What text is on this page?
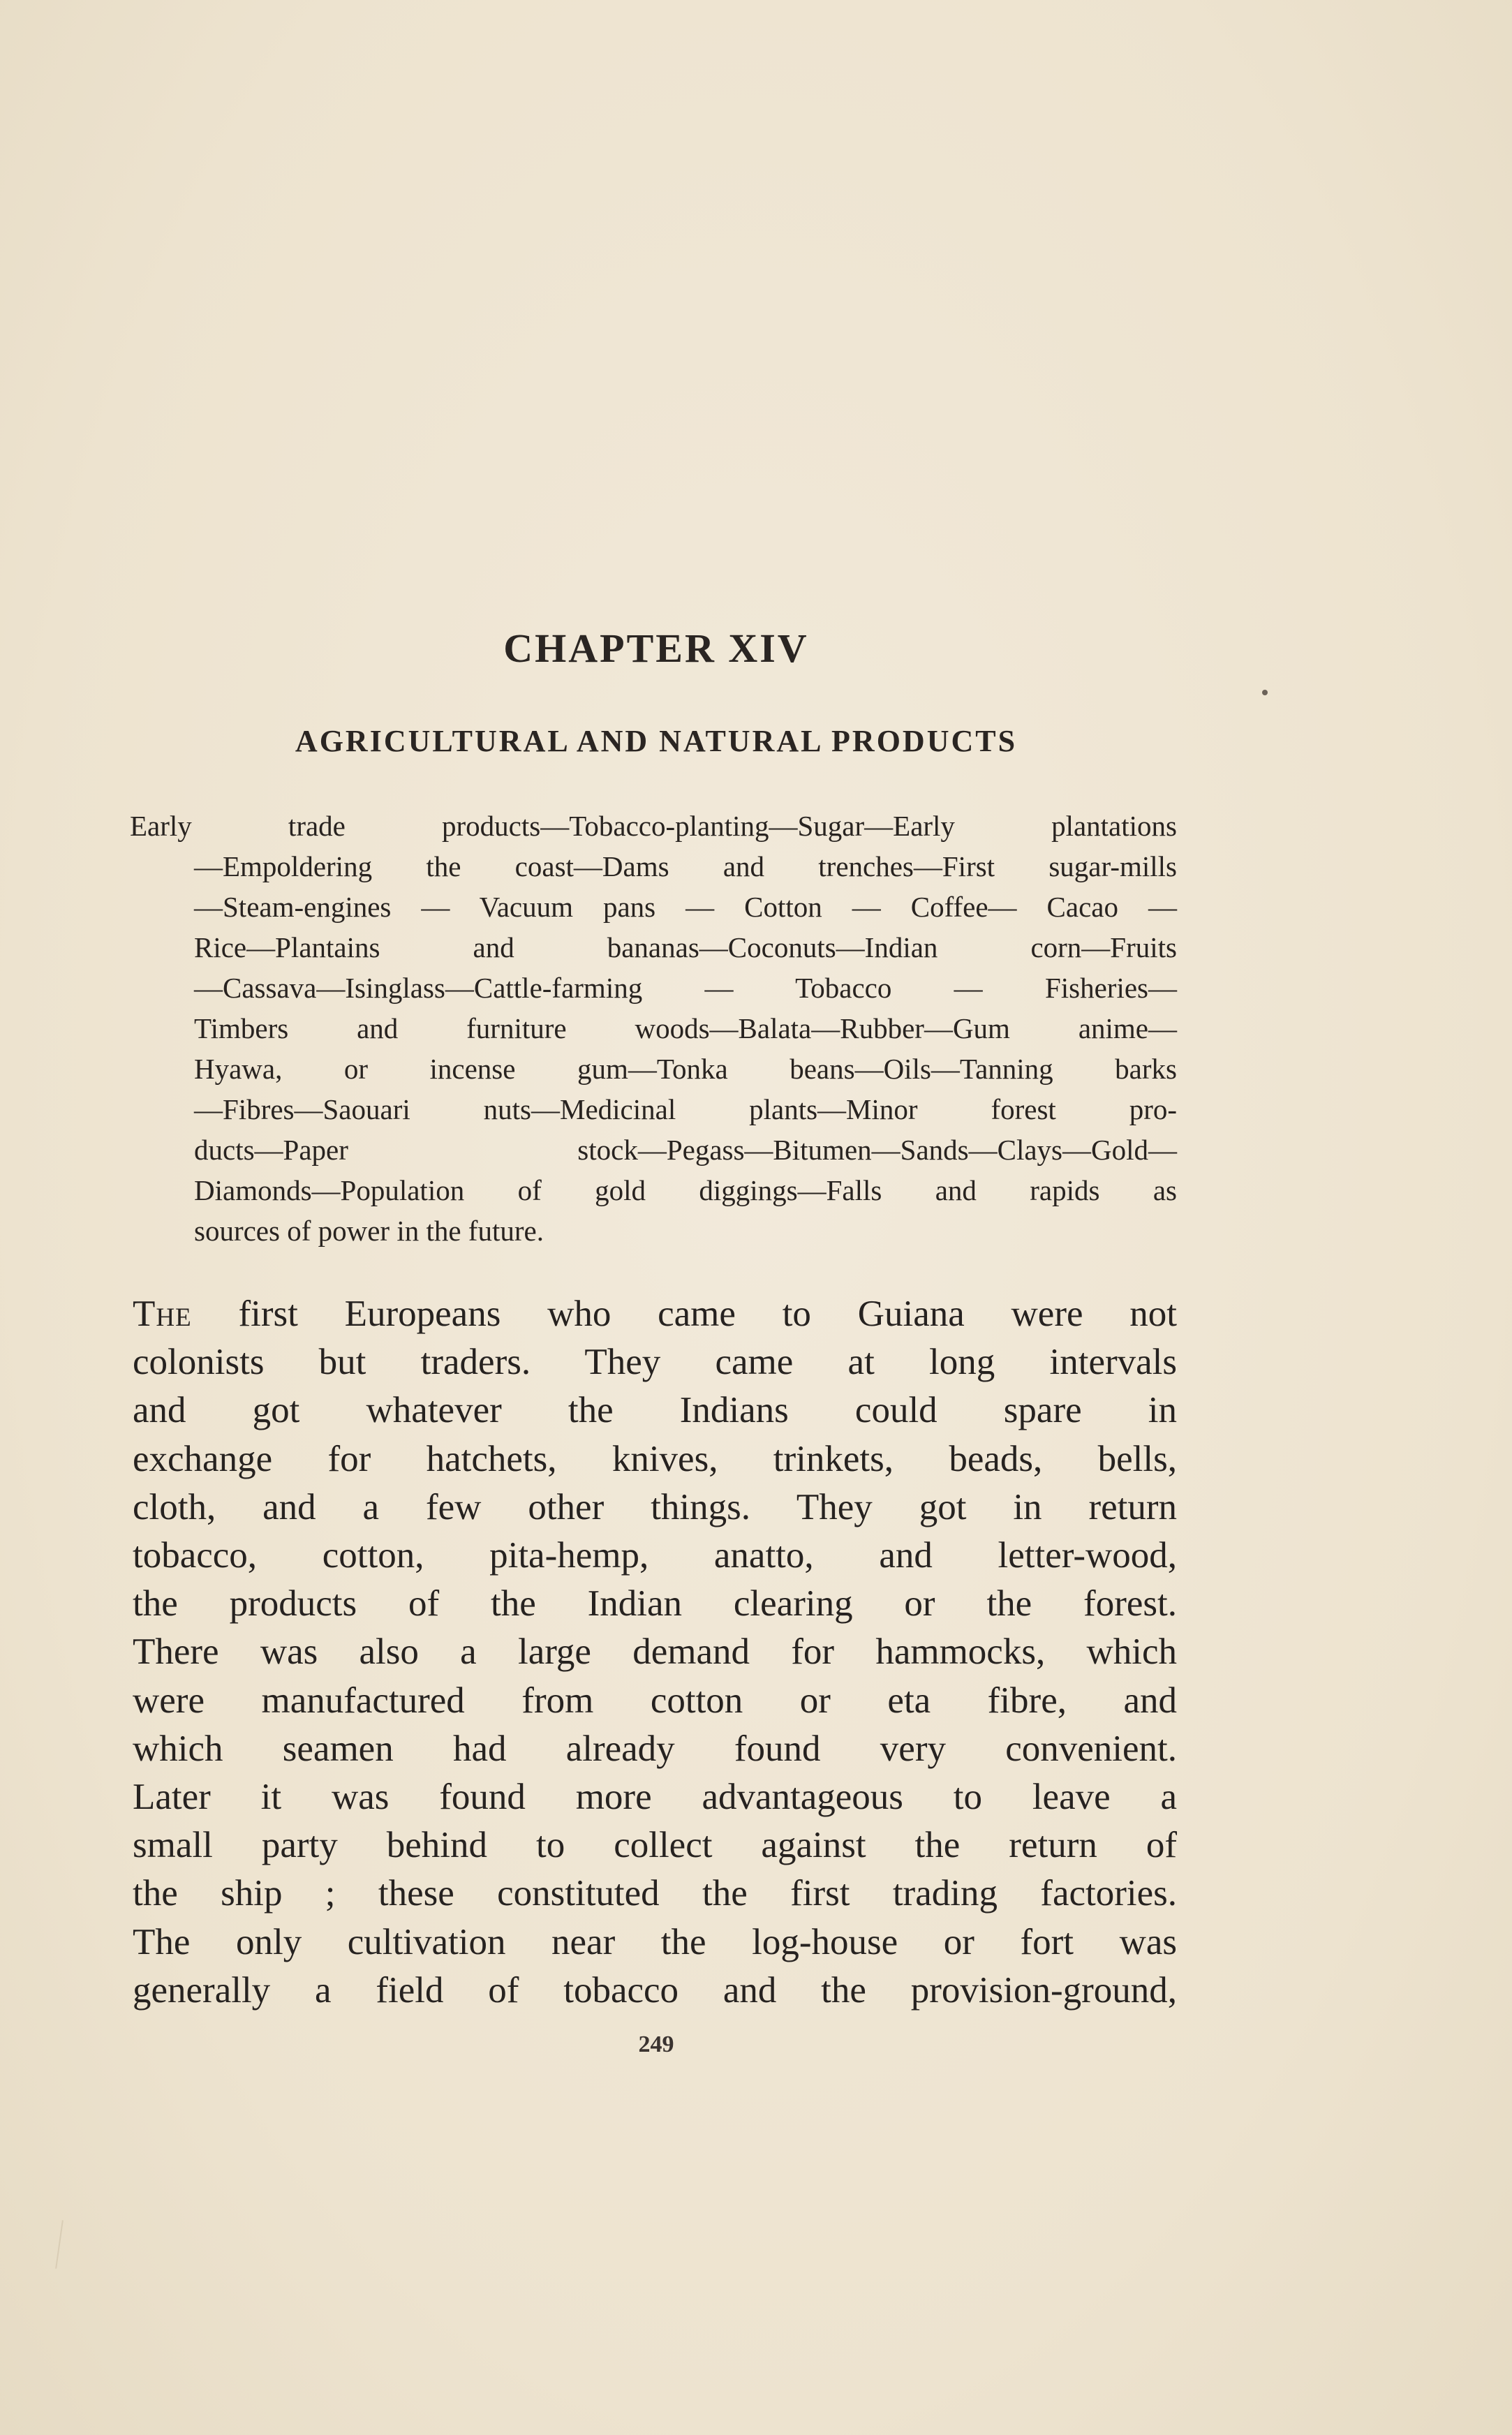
CHAPTER XIV
AGRICULTURAL AND NATURAL PRODUCTS
Early trade products—Tobacco-planting—Sugar—Early plantations
—Empoldering the coast—Dams and trenches—First sugar-mills
—Steam-engines — Vacuum pans — Cotton — Coffee— Cacao —
Rice—Plantains and bananas—Coconuts—Indian corn—Fruits
—Cassava—Isinglass—Cattle-farming — Tobacco — Fisheries—
Timbers and furniture woods—Balata—Rubber—Gum anime—
Hyawa, or incense gum—Tonka beans—Oils—Tanning barks
—Fibres—Saouari nuts—Medicinal plants—Minor forest pro-
ducts—Paper stock—Pegass—Bitumen—Sands—Clays—Gold—
Diamonds—Population of gold diggings—Falls and rapids as
sources of power in the future.
The first Europeans who came to Guiana were not
colonists but traders. They came at long intervals
and got whatever the Indians could spare in
exchange for hatchets, knives, trinkets, beads, bells,
cloth, and a few other things. They got in return
tobacco, cotton, pita-hemp, anatto, and letter-wood,
the products of the Indian clearing or the forest.
There was also a large demand for hammocks, which
were manufactured from cotton or eta fibre, and
which seamen had already found very convenient.
Later it was found more advantageous to leave a
small party behind to collect against the return of
the ship ; these constituted the first trading factories.
The only cultivation near the log-house or fort was
generally a field of tobacco and the provision-ground,
249
